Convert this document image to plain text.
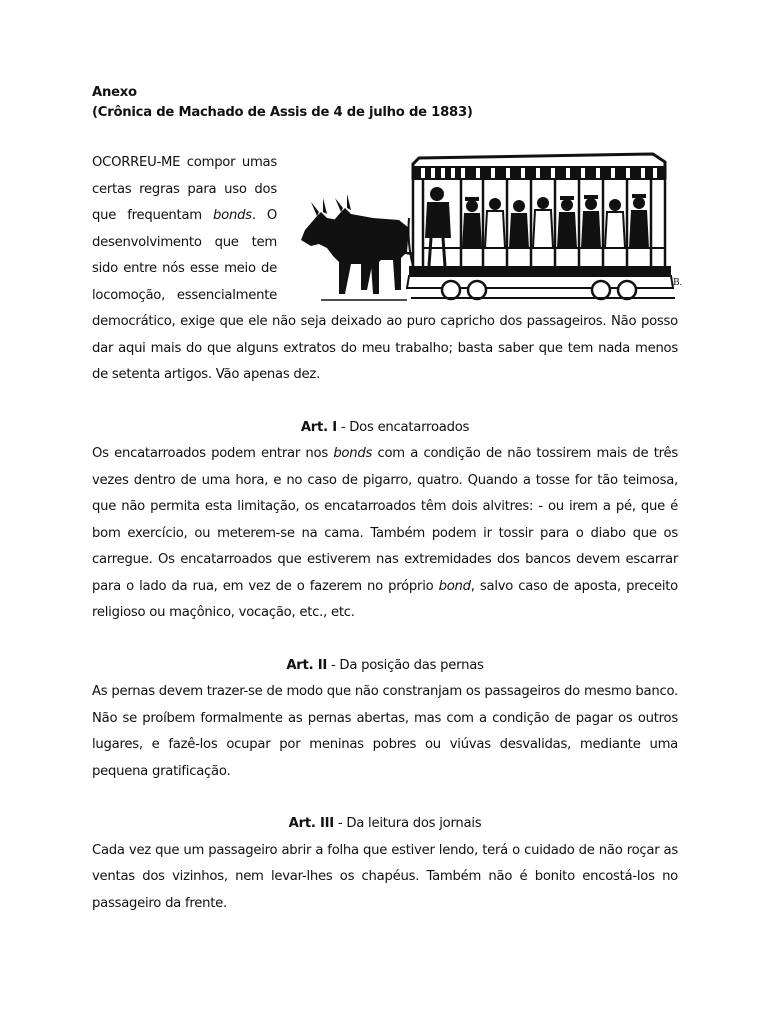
Anexo

(Crônica de Machado de Assis de 4 de julho de 1883)

B.

OCORREU-ME compor umas certas regras para uso dos que frequentam bonds. O desenvolvimento que tem sido entre nós esse meio de locomoção, essencialmente democrático, exige que ele não seja deixado ao puro capricho dos passageiros. Não posso dar aqui mais do que alguns extratos do meu trabalho; basta saber que tem nada menos de setenta artigos. Vão apenas dez.

Art. I - Dos encatarroados

Os encatarroados podem entrar nos bonds com a condição de não tossirem mais de três vezes dentro de uma hora, e no caso de pigarro, quatro. Quando a tosse for tão teimosa, que não permita esta limitação, os encatarroados têm dois alvitres: - ou irem a pé, que é bom exercício, ou meterem-se na cama. Também podem ir tossir para o diabo que os carregue. Os encatarroados que estiverem nas extremidades dos bancos devem escarrar para o lado da rua, em vez de o fazerem no próprio bond, salvo caso de aposta, preceito religioso ou maçônico, vocação, etc., etc.

Art. II - Da posição das pernas

As pernas devem trazer-se de modo que não constranjam os passageiros do mesmo banco. Não se proíbem formalmente as pernas abertas, mas com a condição de pagar os outros lugares, e fazê-los ocupar por meninas pobres ou viúvas desvalidas, mediante uma pequena gratificação.

Art. III - Da leitura dos jornais

Cada vez que um passageiro abrir a folha que estiver lendo, terá o cuidado de não roçar as ventas dos vizinhos, nem levar-lhes os chapéus. Também não é bonito encostá-los no passageiro da frente.
